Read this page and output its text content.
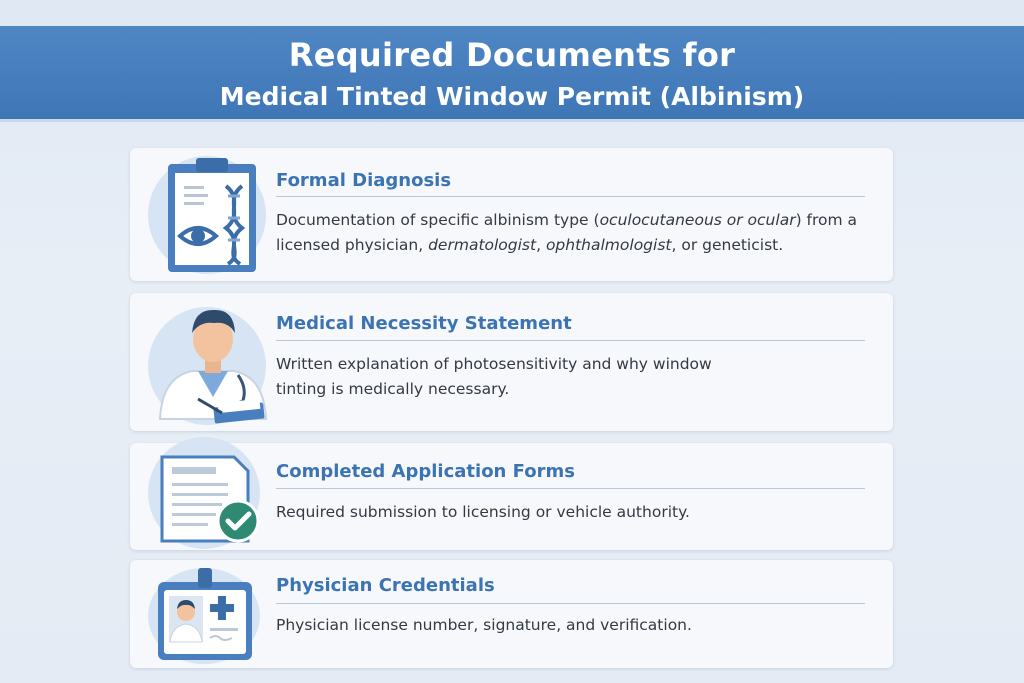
Required Documents for
Medical Tinted Window Permit (Albinism)
Formal Diagnosis
Documentation of specific albinism type (oculocutaneous or ocular) from a licensed physician, dermatologist, ophthalmologist, or geneticist.
Medical Necessity Statement
Written explanation of photosensitivity and why window tinting is medically necessary.
Completed Application Forms
Required submission to licensing or vehicle authority.
Physician Credentials
Physician license number, signature, and verification.
